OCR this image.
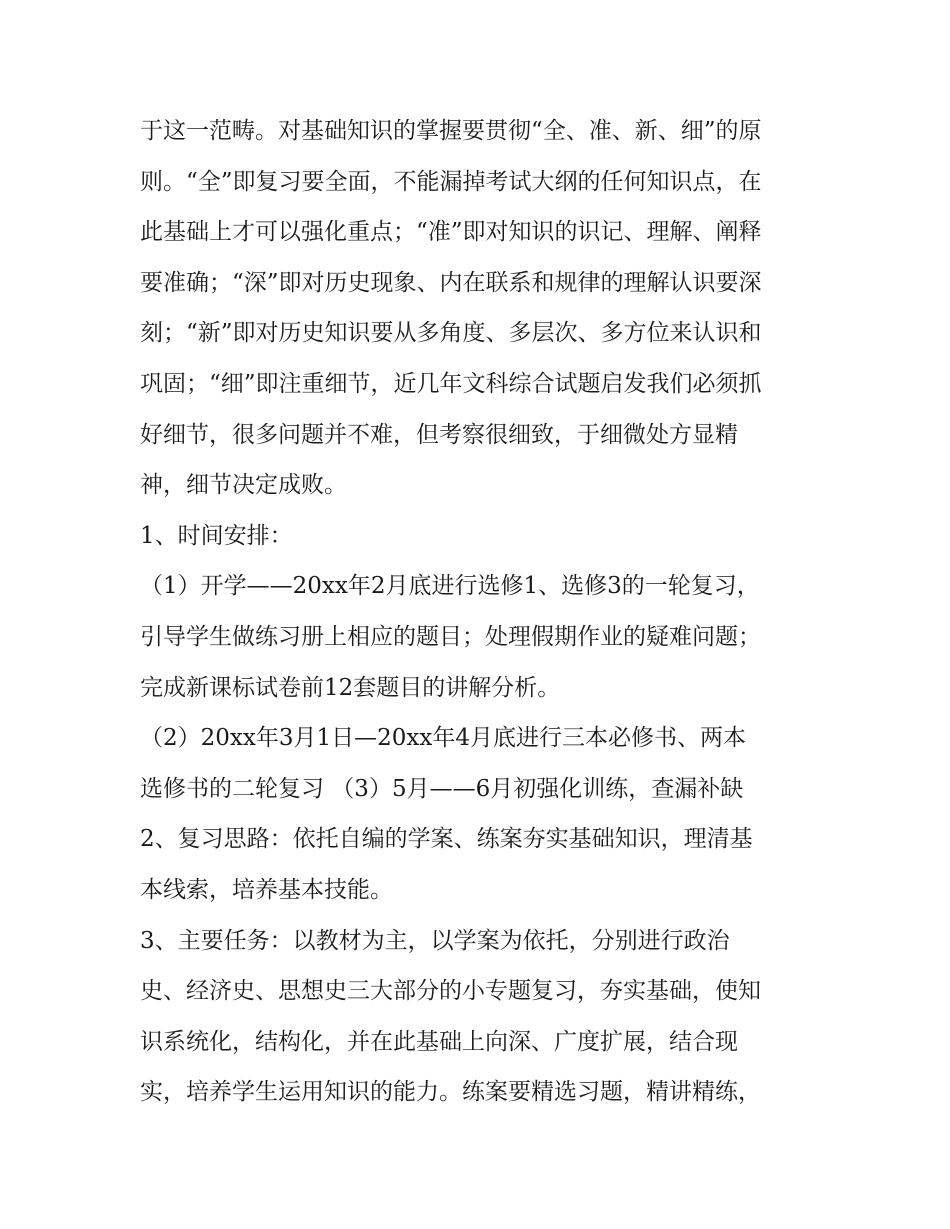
于这一范畴。对基础知识的掌握要贯彻“全、准、新、细”的原
则。“全”即复习要全面，不能漏掉考试大纲的任何知识点，在
此基础上才可以强化重点；“准”即对知识的识记、理解、阐释
要准确；“深”即对历史现象、内在联系和规律的理解认识要深
刻；“新”即对历史知识要从多角度、多层次、多方位来认识和
巩固；“细”即注重细节，近几年文科综合试题启发我们必须抓
好细节，很多问题并不难，但考察很细致，于细微处方显精
神，细节决定成败。
1、时间安排：
（1）开学——20xx年2月底进行选修1、选修3的一轮复习，
引导学生做练习册上相应的题目；处理假期作业的疑难问题；
完成新课标试卷前12套题目的讲解分析。
（2）20xx年3月1日—20xx年4月底进行三本必修书、两本
选修书的二轮复习 （3）5月——6月初强化训练，查漏补缺
2、复习思路：依托自编的学案、练案夯实基础知识，理清基
本线索，培养基本技能。
3、主要任务：以教材为主，以学案为依托，分别进行政治
史、经济史、思想史三大部分的小专题复习，夯实基础，使知
识系统化，结构化，并在此基础上向深、广度扩展，结合现
实，培养学生运用知识的能力。练案要精选习题，精讲精练，
